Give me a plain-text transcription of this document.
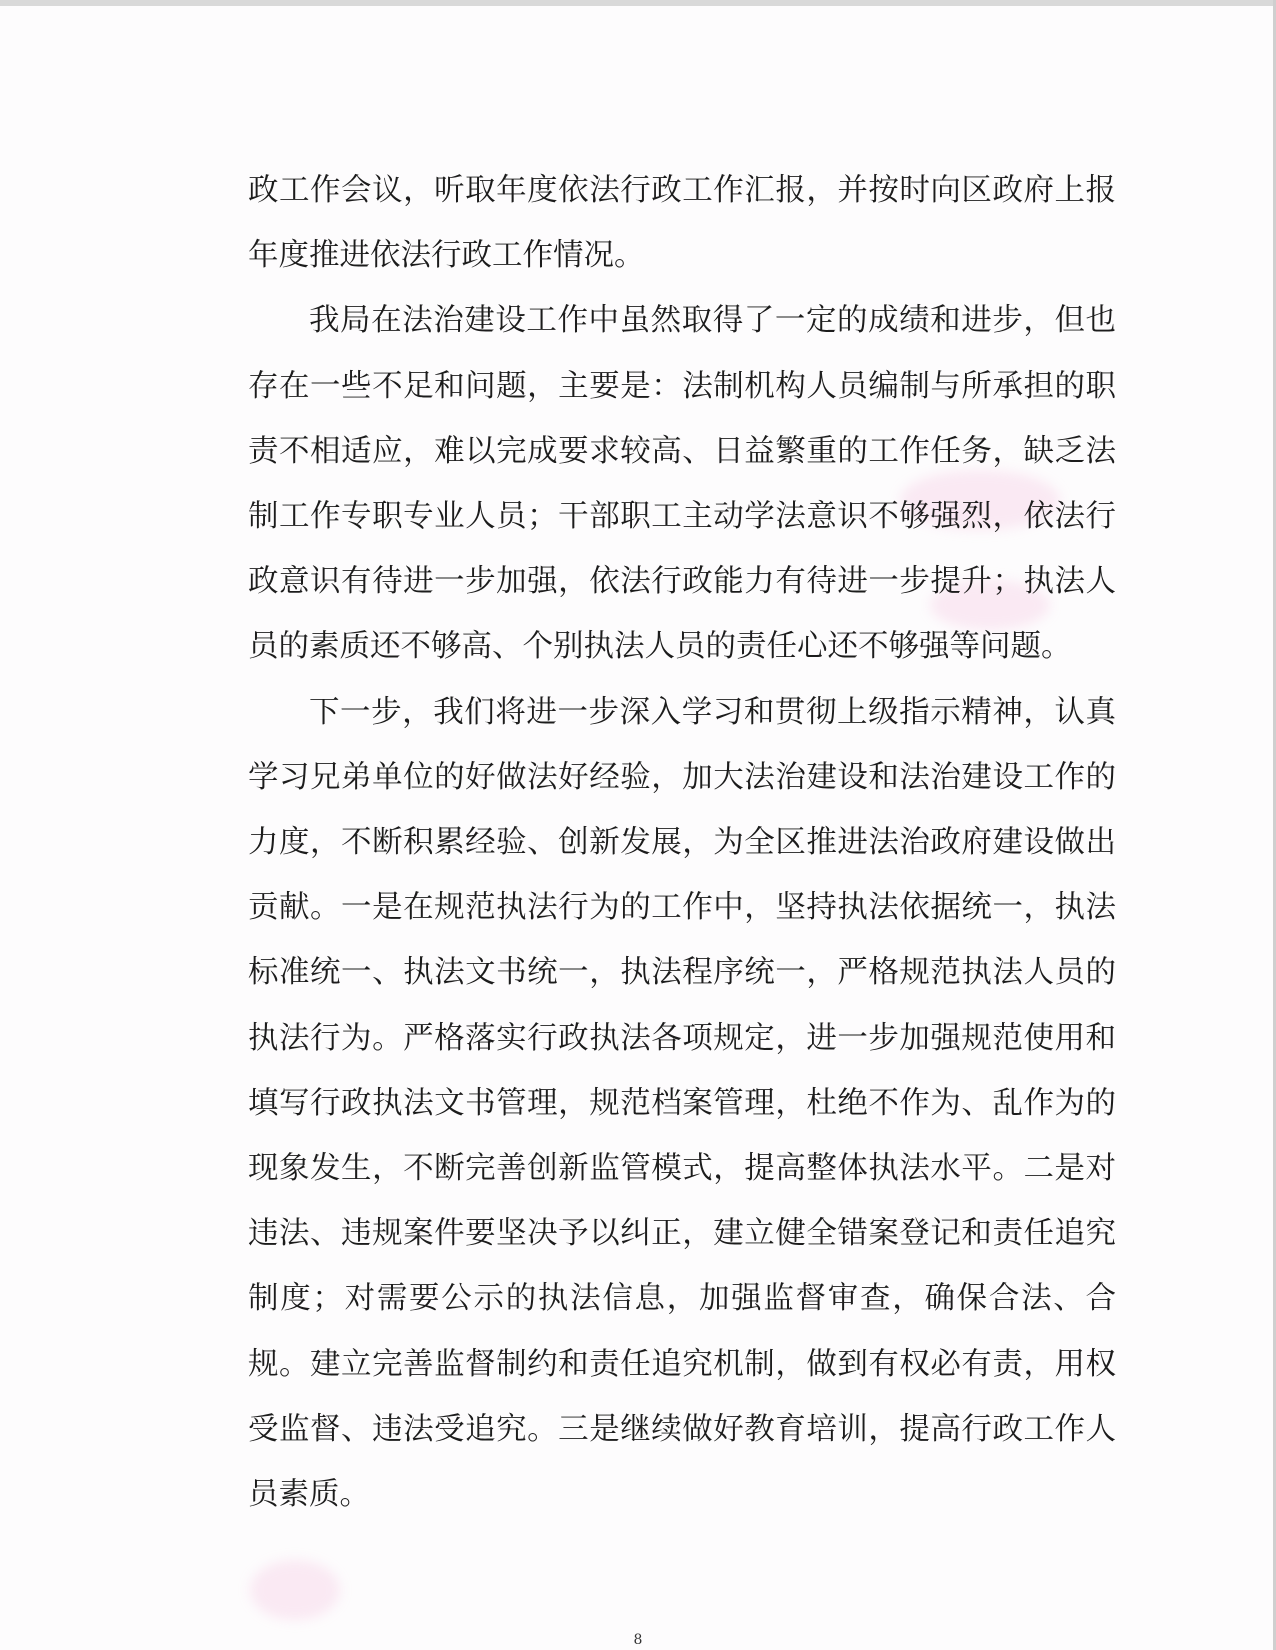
政工作会议，听取年度依法行政工作汇报，并按时向区政府上报年度推进依法行政工作情况。

我局在法治建设工作中虽然取得了一定的成绩和进步，但也存在一些不足和问题，主要是：法制机构人员编制与所承担的职责不相适应，难以完成要求较高、日益繁重的工作任务，缺乏法制工作专职专业人员；干部职工主动学法意识不够强烈，依法行政意识有待进一步加强，依法行政能力有待进一步提升；执法人员的素质还不够高、个别执法人员的责任心还不够强等问题。

下一步，我们将进一步深入学习和贯彻上级指示精神，认真学习兄弟单位的好做法好经验，加大法治建设和法治建设工作的力度，不断积累经验、创新发展，为全区推进法治政府建设做出贡献。一是在规范执法行为的工作中，坚持执法依据统一，执法标准统一、执法文书统一，执法程序统一，严格规范执法人员的执法行为。严格落实行政执法各项规定，进一步加强规范使用和填写行政执法文书管理，规范档案管理，杜绝不作为、乱作为的现象发生，不断完善创新监管模式，提高整体执法水平。二是对违法、违规案件要坚决予以纠正，建立健全错案登记和责任追究制度；对需要公示的执法信息，加强监督审查，确保合法、合规。建立完善监督制约和责任追究机制，做到有权必有责，用权受监督、违法受追究。三是继续做好教育培训，提高行政工作人员素质。

8
